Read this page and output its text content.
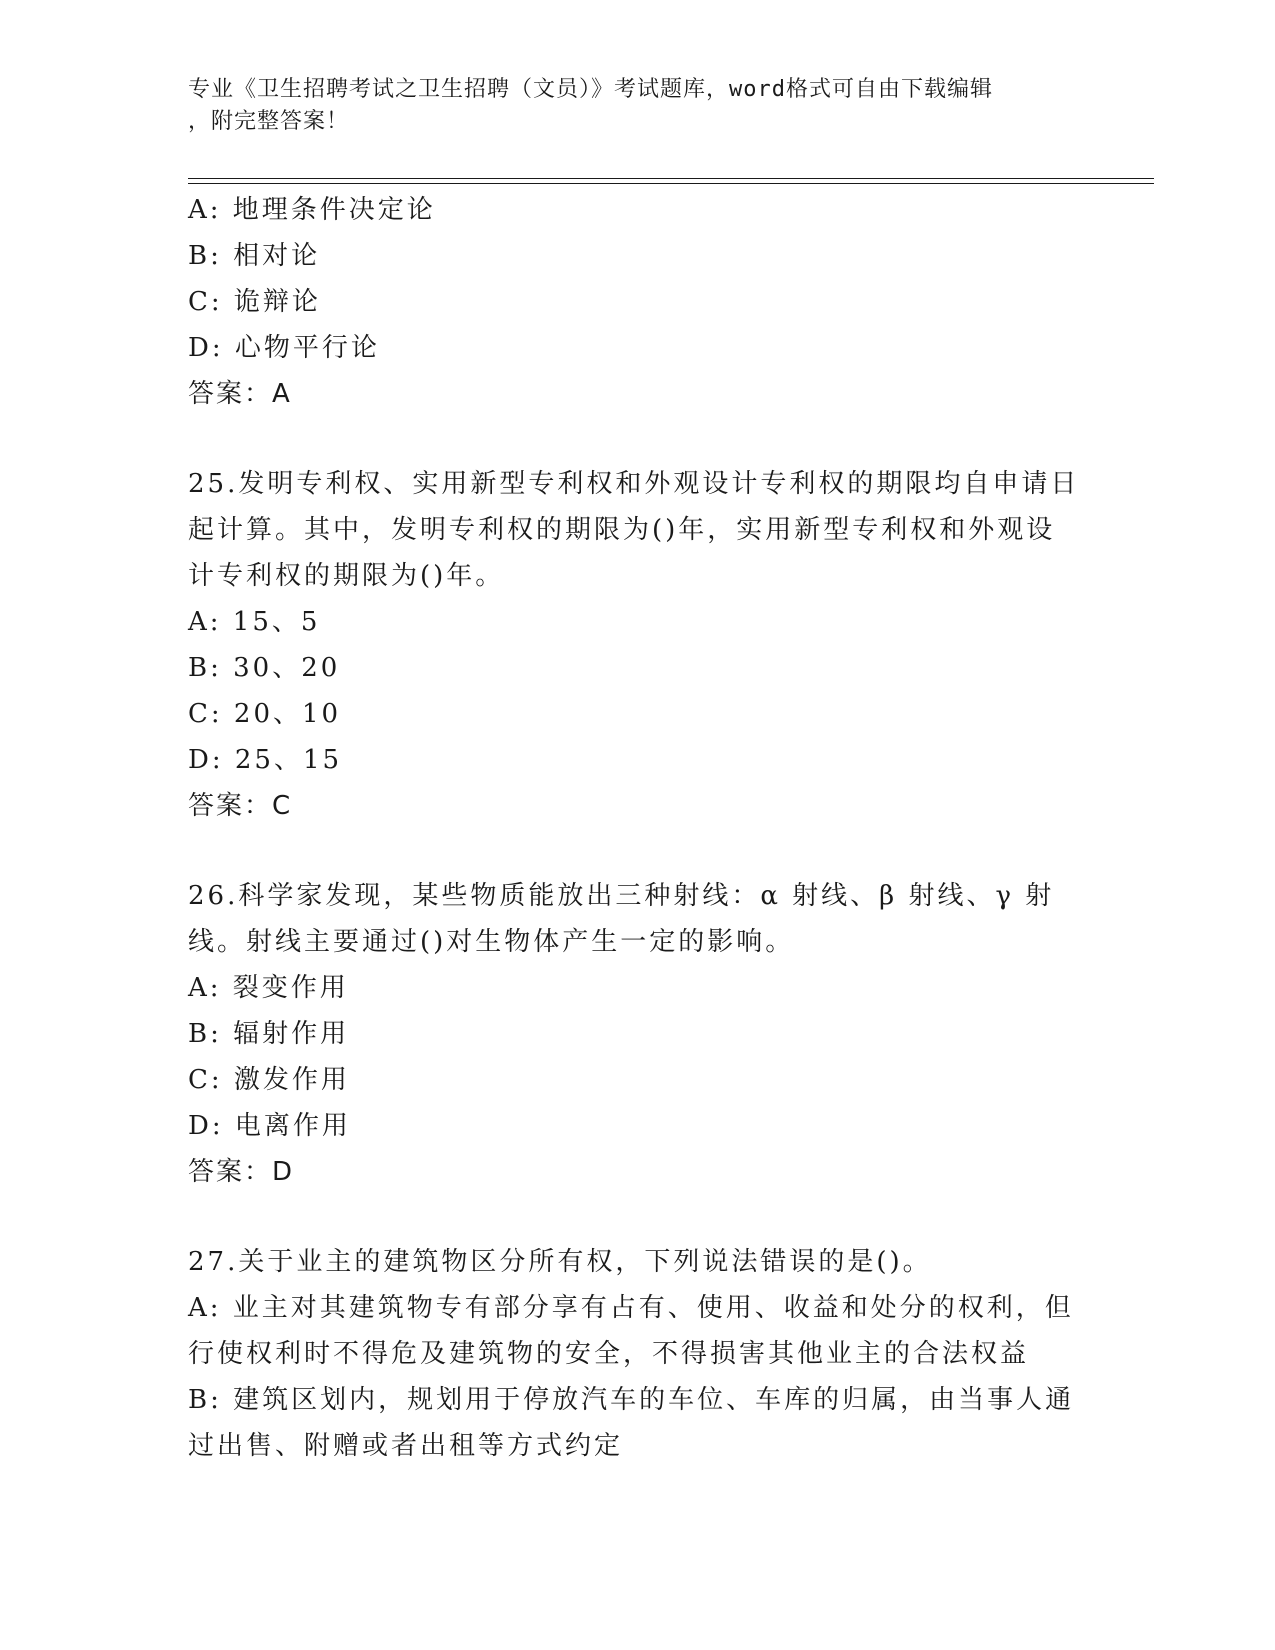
专业《卫生招聘考试之卫生招聘（文员）》考试题库，word格式可自由下载编辑
，附完整答案！
A: 地理条件决定论
B: 相对论
C: 诡辩论
D: 心物平行论
答案：A
25.发明专利权、实用新型专利权和外观设计专利权的期限均自申请日
起计算。其中，发明专利权的期限为()年，实用新型专利权和外观设
计专利权的期限为()年。
A: 15、5
B: 30、20
C: 20、10
D: 25、15
答案：C
26.科学家发现，某些物质能放出三种射线：α 射线、β 射线、γ 射
线。射线主要通过()对生物体产生一定的影响。
A: 裂变作用
B: 辐射作用
C: 激发作用
D: 电离作用
答案：D
27.关于业主的建筑物区分所有权，下列说法错误的是()。
A: 业主对其建筑物专有部分享有占有、使用、收益和处分的权利，但
行使权利时不得危及建筑物的安全，不得损害其他业主的合法权益
B: 建筑区划内，规划用于停放汽车的车位、车库的归属，由当事人通
过出售、附赠或者出租等方式约定
